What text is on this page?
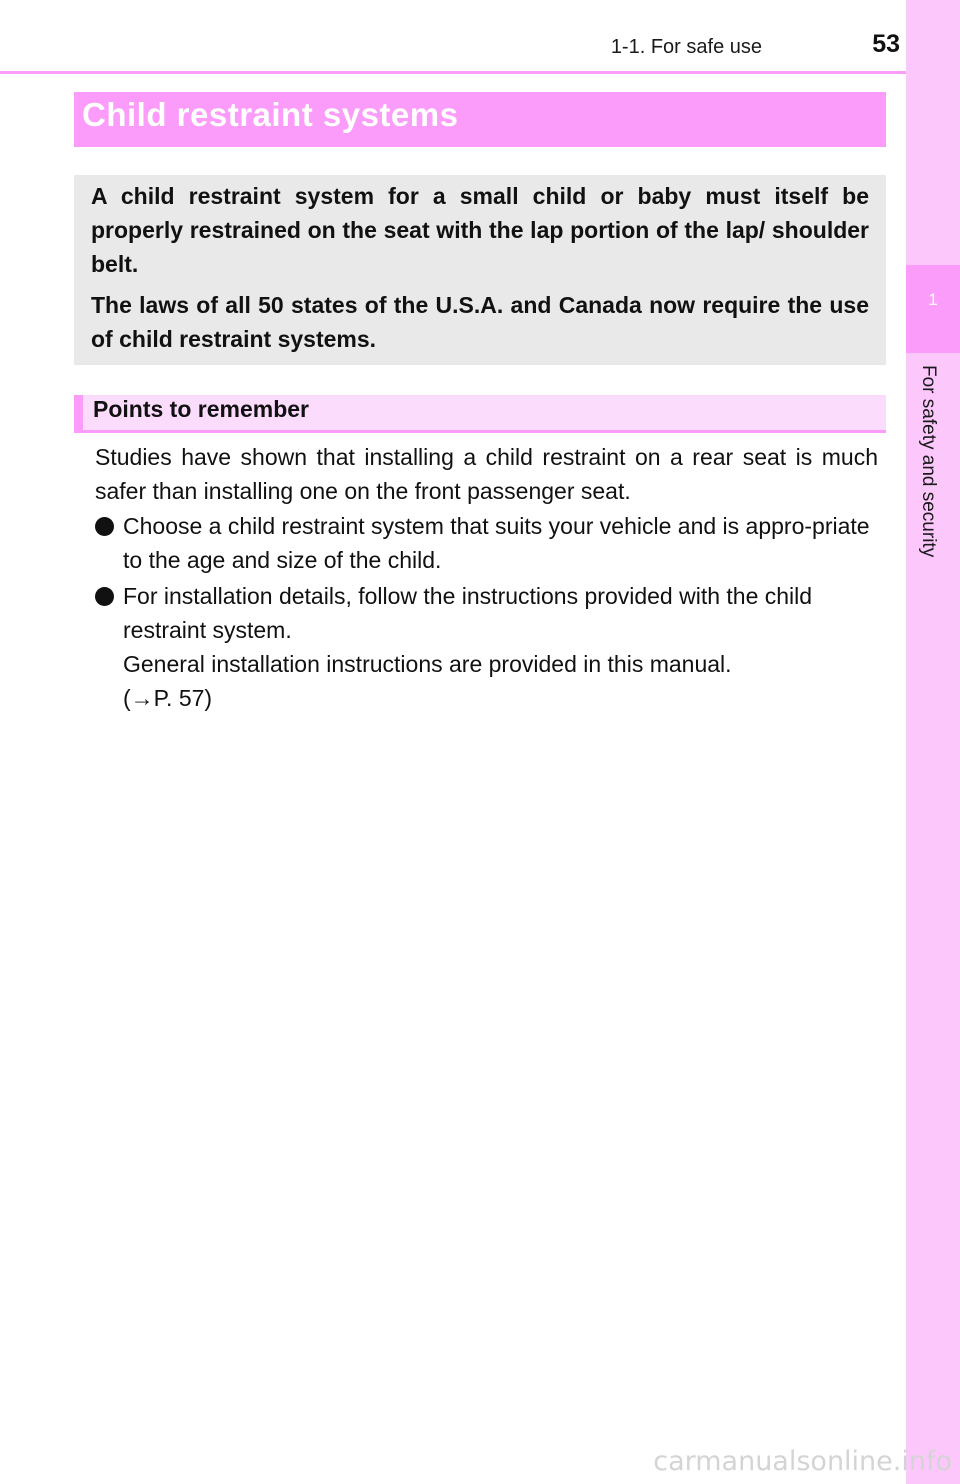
1
For safety and security
1-1. For safe use	53
Child restraint systems

A child restraint system for a small child or baby must itself be properly restrained on the seat with the lap portion of the lap/ shoulder belt.

The laws of all 50 states of the U.S.A. and Canada now require the use of child restraint systems.

Points to remember

Studies have shown that installing a child restraint on a rear seat is much safer than installing one on the front passenger seat.

Choose a child restraint system that suits your vehicle and is appro-priate to the age and size of the child.
For installation details, follow the instructions provided with the child restraint system.
General installation instructions are provided in this manual.
(→P. 57)
carmanualsonline.info
